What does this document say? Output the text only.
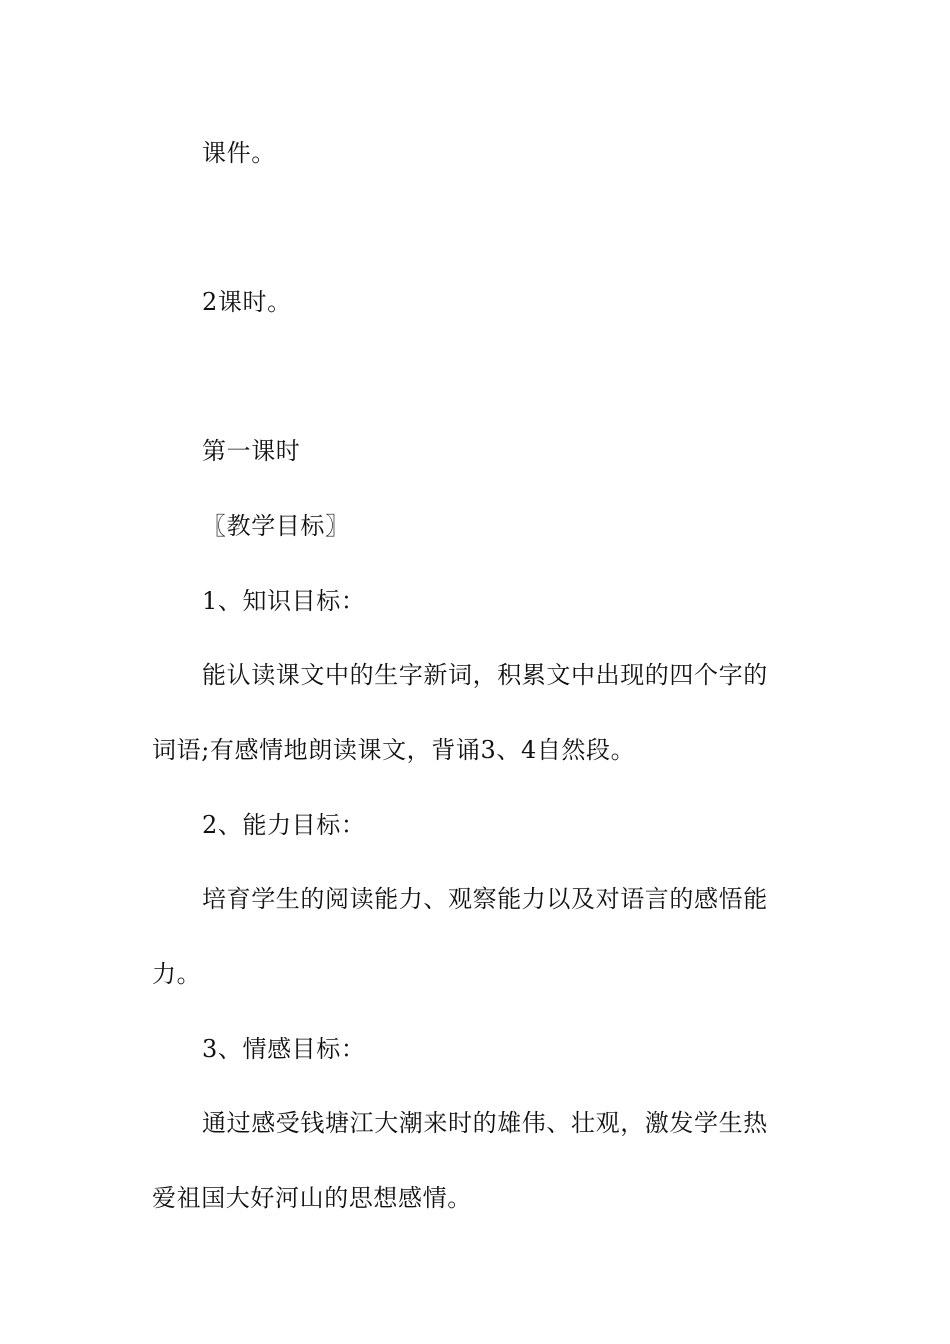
课件。
2课时。
第一课时
〖教学目标〗
1、知识目标：
能认读课文中的生字新词，积累文中出现的四个字的
词语;有感情地朗读课文，背诵3、4自然段。
2、能力目标：
培育学生的阅读能力、观察能力以及对语言的感悟能
力。
3、情感目标：
通过感受钱塘江大潮来时的雄伟、壮观，激发学生热
爱祖国大好河山的思想感情。
